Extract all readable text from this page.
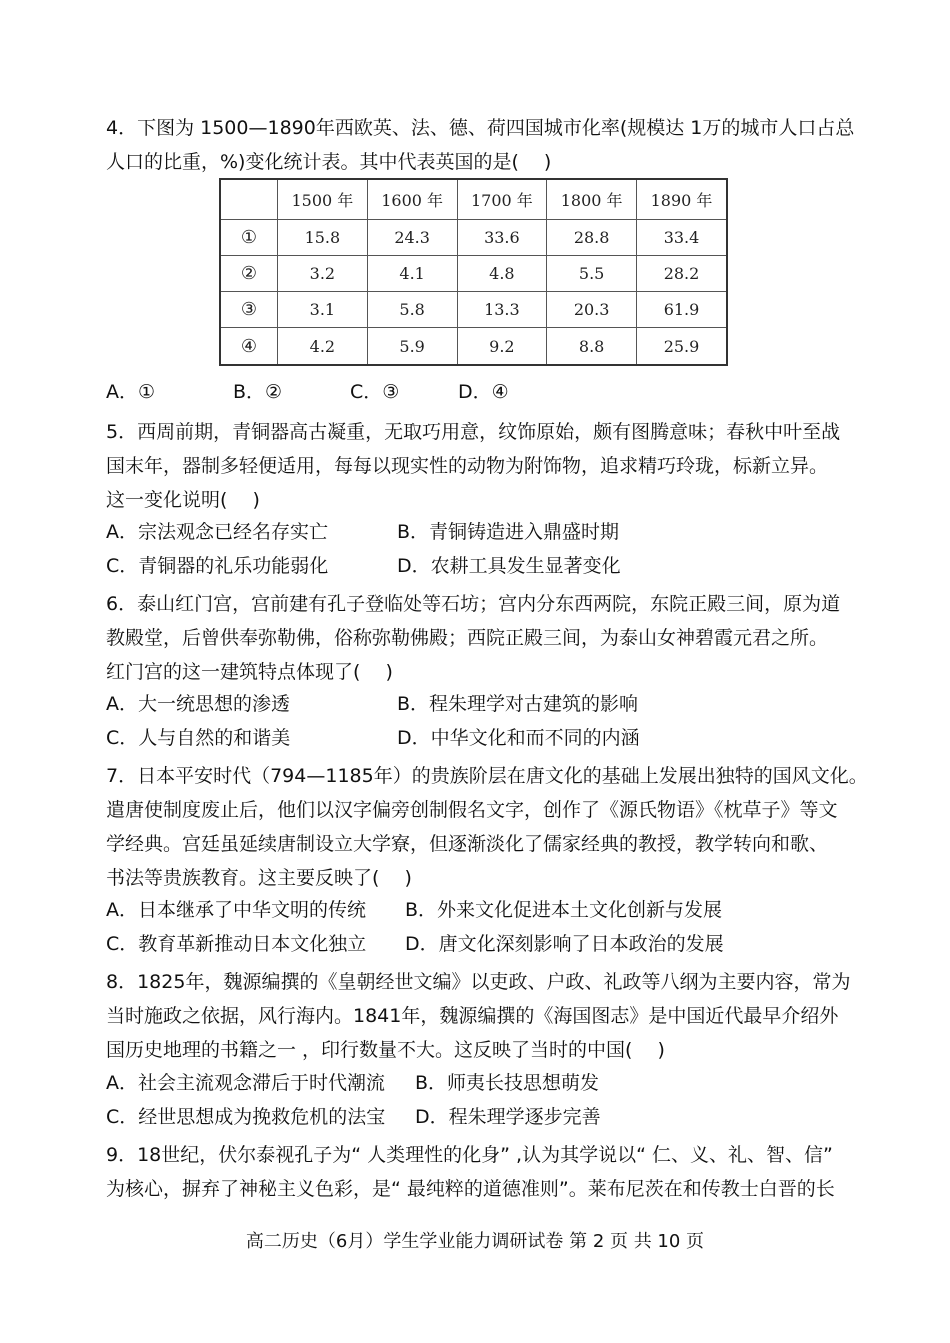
4．下图为 1500—1890年西欧英、法、德、荷四国城市化率(规模达 1万的城市人口占总
人口的比重，%)变化统计表。其中代表英国的是(　 )
	1500 年	1600 年	1700 年	1800 年	1890 年
①	15.8	24.3	33.6	28.8	33.4
②	3.2	4.1	4.8	5.5	28.2
③	3.1	5.8	13.3	20.3	61.9
④	4.2	5.9	9.2	8.8	25.9
A．①	B．②	C．③	D．④
5．西周前期，青铜器高古凝重，无取巧用意，纹饰原始，颇有图腾意味；春秋中叶至战
国末年，器制多轻便适用，每每以现实性的动物为附饰物，追求精巧玲珑，标新立异。
这一变化说明(　 )
A．宗法观念已经名存实亡	B．青铜铸造进入鼎盛时期
C．青铜器的礼乐功能弱化	D．农耕工具发生显著变化
6．泰山红门宫，宫前建有孔子登临处等石坊；宫内分东西两院，东院正殿三间，原为道
教殿堂，后曾供奉弥勒佛，俗称弥勒佛殿；西院正殿三间，为泰山女神碧霞元君之所。
红门宫的这一建筑特点体现了(　 )
A．大一统思想的渗透	B．程朱理学对古建筑的影响
C．人与自然的和谐美	D．中华文化和而不同的内涵
7．日本平安时代（794—1185年）的贵族阶层在唐文化的基础上发展出独特的国风文化。
遣唐使制度废止后，他们以汉字偏旁创制假名文字，创作了《源氏物语》《枕草子》等文
学经典。宫廷虽延续唐制设立大学寮，但逐渐淡化了儒家经典的教授，教学转向和歌、
书法等贵族教育。这主要反映了(　 )
A．日本继承了中华文明的传统 B．外来文化促进本土文化创新与发展
C．教育革新推动日本文化独立 D．唐文化深刻影响了日本政治的发展
8．1825年，魏源编撰的《皇朝经世文编》以吏政、户政、礼政等八纲为主要内容，常为
当时施政之依据，风行海内。1841年，魏源编撰的《海国图志》是中国近代最早介绍外
国历史地理的书籍之一 ，印行数量不大。这反映了当时的中国(　 )
A．社会主流观念滞后于时代潮流 B．师夷长技思想萌发
C．经世思想成为挽救危机的法宝 D．程朱理学逐步完善
9．18世纪，伏尔泰视孔子为“ 人类理性的化身” ,认为其学说以“ 仁、义、礼、智、信”
为核心，摒弃了神秘主义色彩，是“ 最纯粹的道德准则”。莱布尼茨在和传教士白晋的长
高二历史（6月）学生学业能力调研试卷 第 2 页 共 10 页
